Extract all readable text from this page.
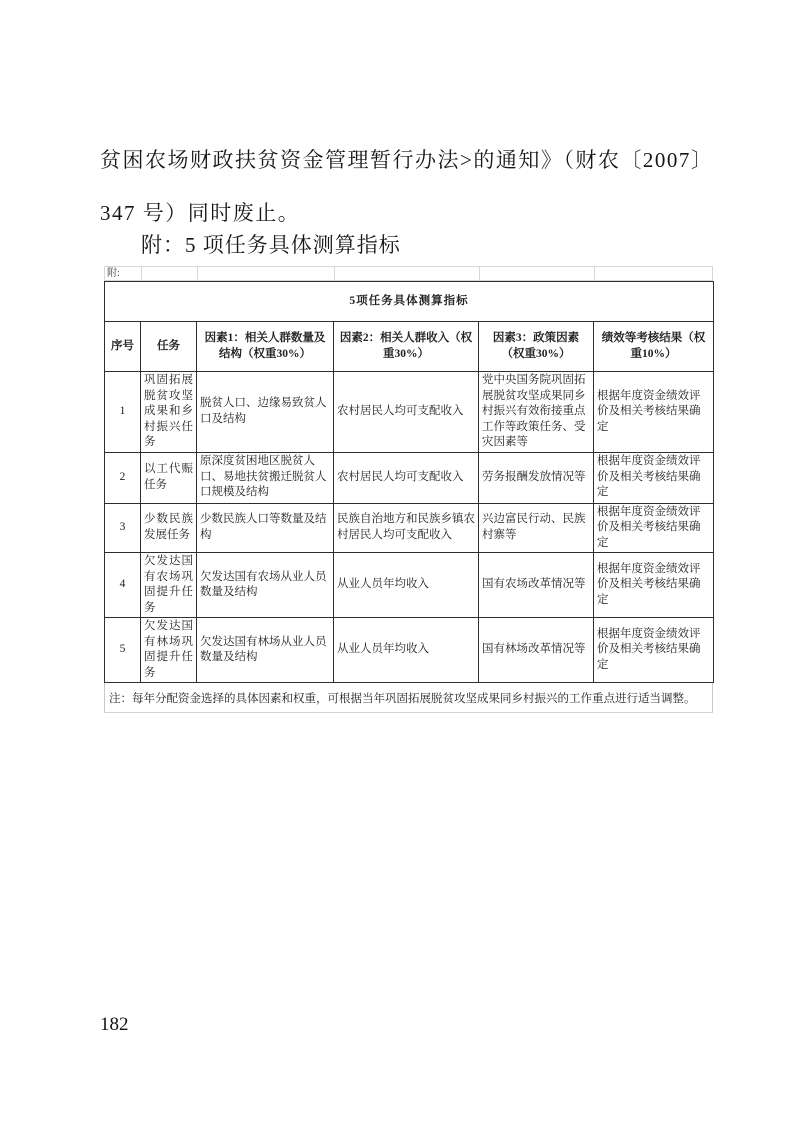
贫困农场财政扶贫资金管理暂行办法>的通知》（财农〔2007〕
347 号）同时废止。
附：5 项任务具体测算指标
附:
5项任务具体测算指标					
序号	任务	因素1：相关人群数量及结构（权重30%）	因素2：相关人群收入（权重30%）	因素3：政策因素（权重30%）	绩效等考核结果（权重10%）
1	巩固拓展脱贫攻坚成果和乡村振兴任务	脱贫人口、边缘易致贫人口及结构	农村居民人均可支配收入	党中央国务院巩固拓展脱贫攻坚成果同乡村振兴有效衔接重点工作等政策任务、受灾因素等	根据年度资金绩效评价及相关考核结果确定
2	以工代赈任务	原深度贫困地区脱贫人口、易地扶贫搬迁脱贫人口规模及结构	农村居民人均可支配收入	劳务报酬发放情况等	根据年度资金绩效评价及相关考核结果确定
3	少数民族发展任务	少数民族人口等数量及结构	民族自治地方和民族乡镇农村居民人均可支配收入	兴边富民行动、民族村寨等	根据年度资金绩效评价及相关考核结果确定
4	欠发达国有农场巩固提升任务	欠发达国有农场从业人员数量及结构	从业人员年均收入	国有农场改革情况等	根据年度资金绩效评价及相关考核结果确定
5	欠发达国有林场巩固提升任务	欠发达国有林场从业人员数量及结构	从业人员年均收入	国有林场改革情况等	根据年度资金绩效评价及相关考核结果确定
注：每年分配资金选择的具体因素和权重，可根据当年巩固拓展脱贫攻坚成果同乡村振兴的工作重点进行适当调整。
182
